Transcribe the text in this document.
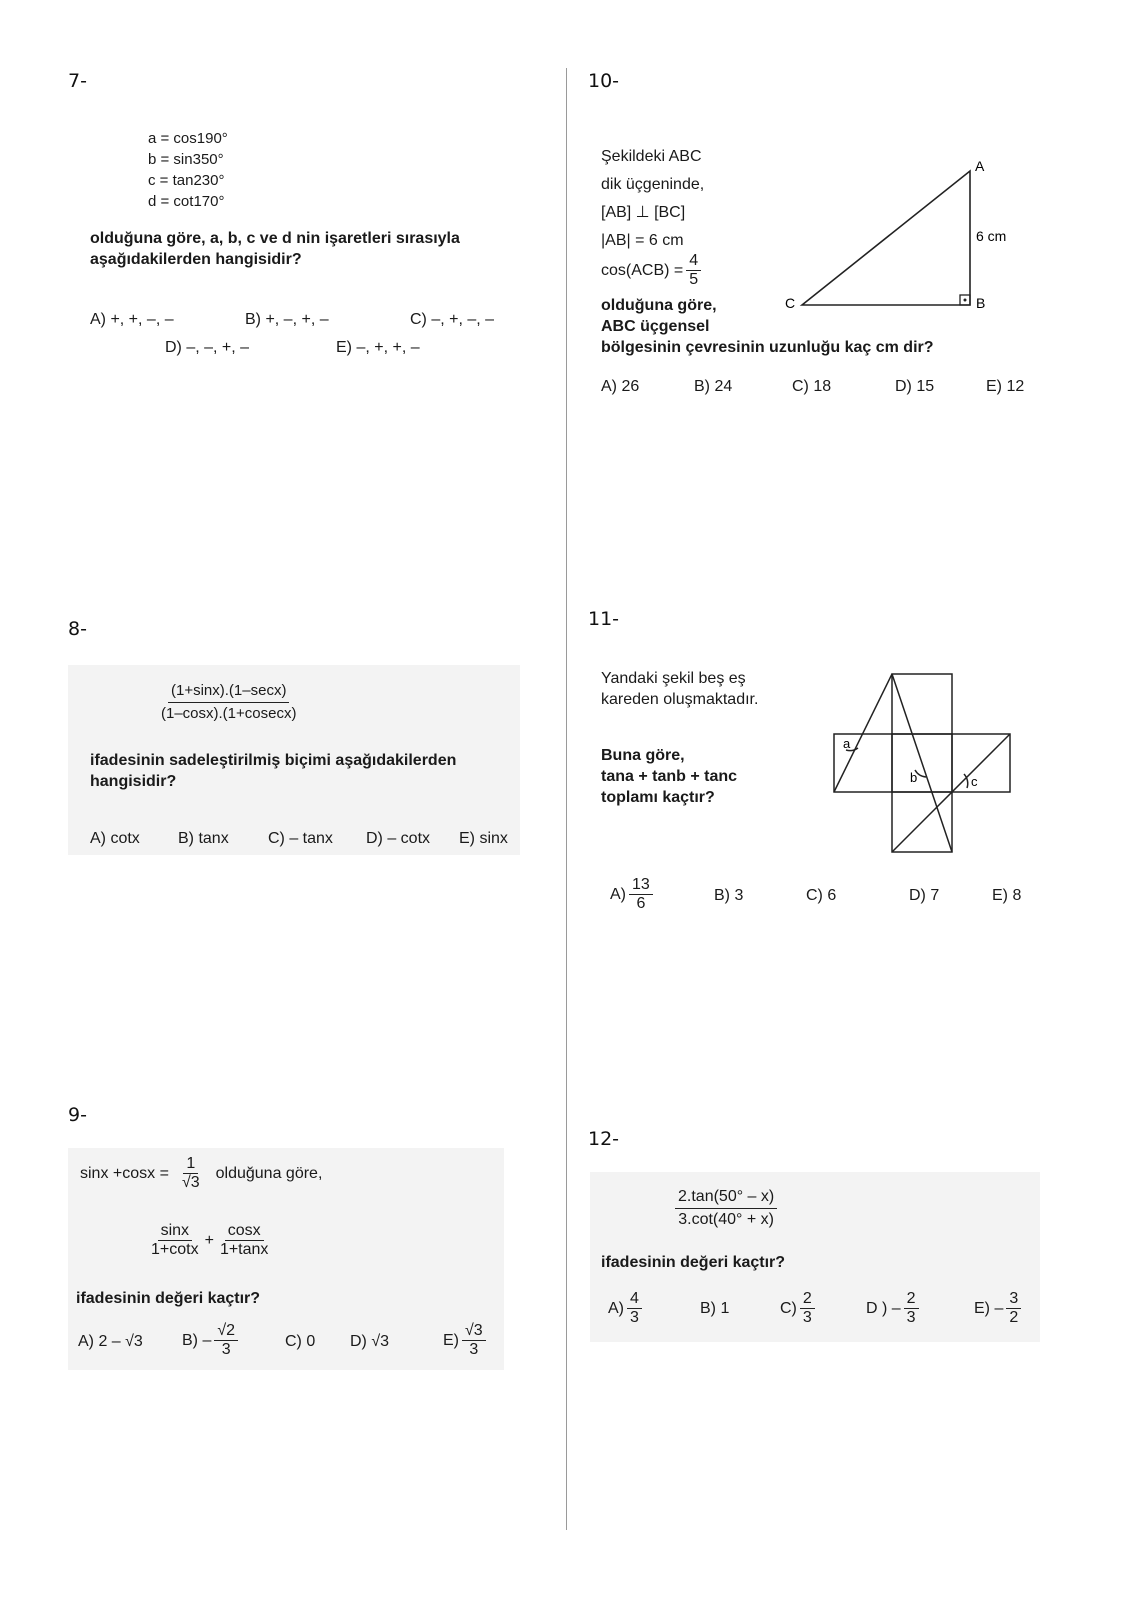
7-
a = cos190°
b = sin350°
c = tan230°
d = cot170°
olduğuna göre, a, b, c ve d nin işaretleri sırasıyla aşağıdakilerden hangisidir?
A) +, +, –, –	B) +, –, +, –	C) –, +, –, –
D) –, –, +, –	E) –, +, +, –
8-
$\frac{(1+\sin x).(1-\sec x)}{(1-\cos x).(1+cosecx)}$
ifadesinin sadeleştirilmiş biçimi aşağıdakilerden hangisidir?
A) cotx B) tanx C) – tanx D) – cotx E) sinx
9-
$\sin x +\cos x = \frac{1}{√3}$ olduğuna göre,
$\frac{\sin x}{1+\cot x} + \frac{\cos x}{1+\tan x}$
ifadesinin değeri kaçtır?
A) 2 – √3 $B) - \frac{√2}{3}$	C) 0 D) √3	$E) \frac{√3}{3}$
10-
Şekildeki ABC
dik üçgeninde,
[AB] ⊥ [BC]
|AB| = 6 cm
$\cos(ACB) = \frac{4}{5}$
olduğuna göre,
ABC üçgensel
bölgesinin çevresinin uzunluğu kaç cm dir?
A
B
C
6 cm
A) 26	B) 24	C) 18	D) 15	E) 12
11-
Yandaki şekil beş eş
kareden oluşmaktadır.
Buna göre,
tana + tanb + tanc
toplamı kaçtır?
a
b	c
$A) \frac{13}{6}$	B) 3	C) 6	D) 7	E) 8
12-
$\frac{2.\tan(50^\circ - x)}{3.\cot(40^\circ + x)}$
ifadesinin değeri kaçtır?
$A) \frac{4}{3}$	B) 1	$C) \frac{2}{3}$	D ) – $\frac{2}{3}$	$E) - \frac{3}{2}$
